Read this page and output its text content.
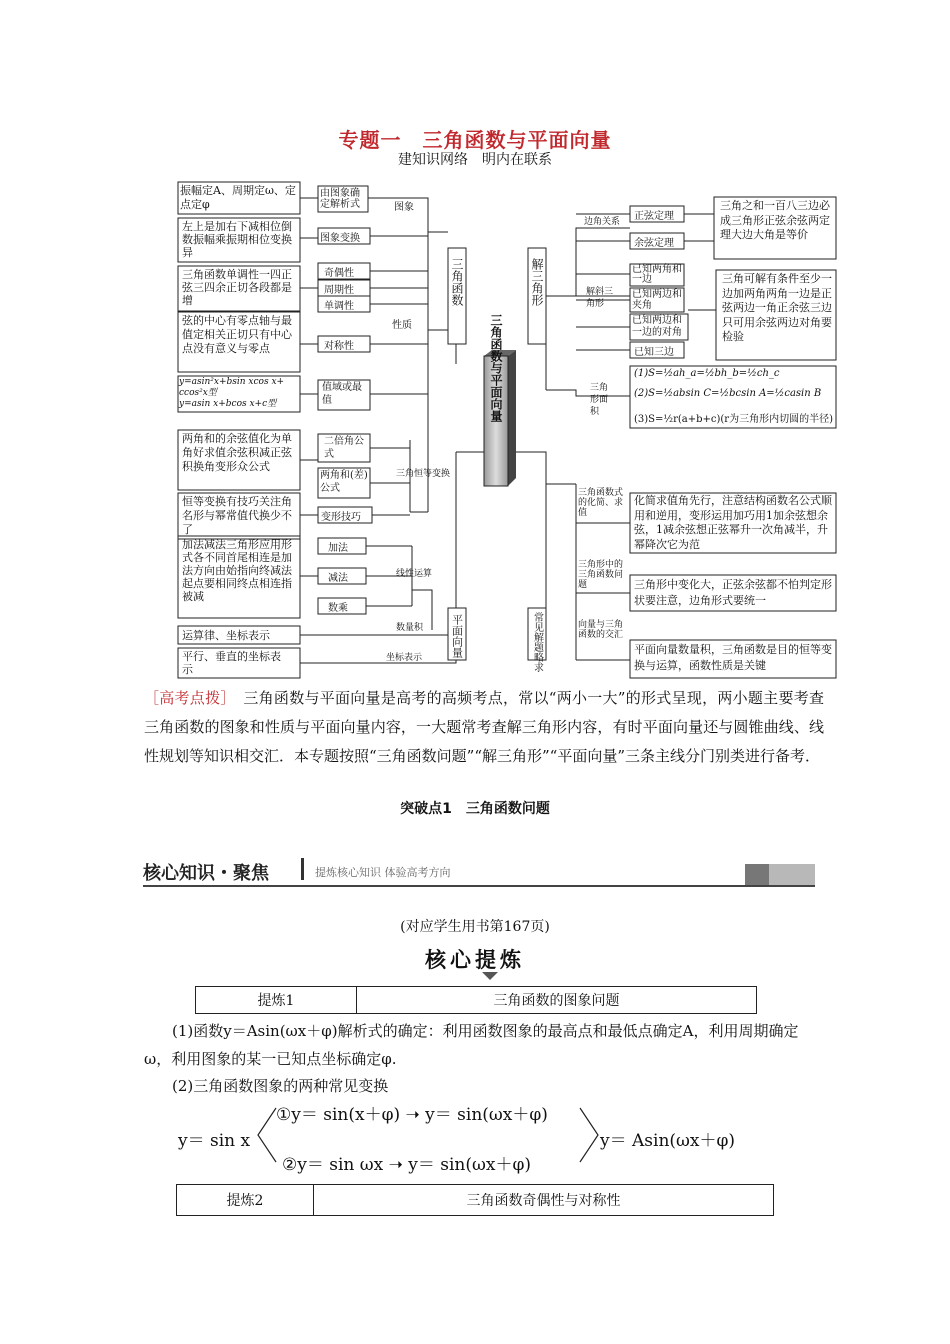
专题一　三角函数与平面向量
建知识网络　明内在联系
三角函数与平面向量
三角函数	解三角形
平面向量	常见解题略求
图象
性质
三角恒等变换
线性运算
数量积
坐标表示
振幅定A、周期定ω、定点定φ
由图象确定解析式
左上是加右下减相位倒数振幅乘振期相位变换异
图象变换
三角函数单调性一四正弦三四余正切各段都是增
奇偶性
周期性
单调性
弦的中心有零点轴与最值定相关正切只有中心点没有意义与零点	对称性
y=asin²x+bsin xcos x+
ccos²x型
y=asin x+bcos x+c型
值域或最值
两角和的余弦值化为单角好求值余弦积减正弦积换角变形众公式
二倍角公式
两角和(差)公式
恒等变换有技巧关注角名形与幂常值代换少不了
变形技巧
加法减法三角形应用形式各不同首尾相连是加法方向由始指向终减法起点要相同终点相连指被减
加法
减法
数乘
运算律、坐标表示
平行、垂直的坐标表示
边角关系 正弦定理
余弦定理
三角之和一百八三边必成三角形正弦余弦两定理大边大角是等价
解斜三角形
已知两角和一边
已知两边和夹角
已知两边和一边的对角
已知三边
三角可解有条件至少一边加两角两角一边是正弦两边一角正余弦三边只可用余弦两边对角要检验
三角形面积
(1)S=½ah_a=½bh_b=½ch_c
(2)S=½absin C=½bcsin A=½casin B
(3)S=½r(a+b+c)(r为三角形内切圆的半径)
三角函数式的化简、求值
化简求值角先行，注意结构函数名公式顺用和逆用，变形运用加巧用1加余弦想余弦，1减余弦想正弦幂升一次角减半，升幂降次它为范
三角形中的三角函数问题	三角形中变化大，正弦余弦都不怕判定形状要注意，边角形式要统一
向量与三角函数的交汇
平面向量数量积，三角函数是目的恒等变换与运算，函数性质是关键
［高考点拨］　三角函数与平面向量是高考的高频考点，常以“两小一大”的形式呈现，两小题主要考查三角函数的图象和性质与平面向量内容，一大题常考查解三角形内容，有时平面向量还与圆锥曲线、线性规划等知识相交汇．本专题按照“三角函数问题”“解三角形”“平面向量”三条主线分门别类进行备考．
突破点1　三角函数问题
核心知识・聚焦	提炼核心知识 体验高考方向
(对应学生用书第167页)
核心提炼
提炼1	三角函数的图象问题
(1)函数y＝Asin(ωx＋φ)解析式的确定：利用函数图象的最高点和最低点确定A，利用周期确定ω，利用图象的某一已知点坐标确定φ.
(2)三角函数图象的两种常见变换
y＝ sin x
①y＝ sin(x＋φ) ➝ y＝ sin(ωx＋φ)
②y＝ sin ωx ➝ y＝ sin(ωx＋φ)
y＝ Asin(ωx＋φ)
提炼2	三角函数奇偶性与对称性
